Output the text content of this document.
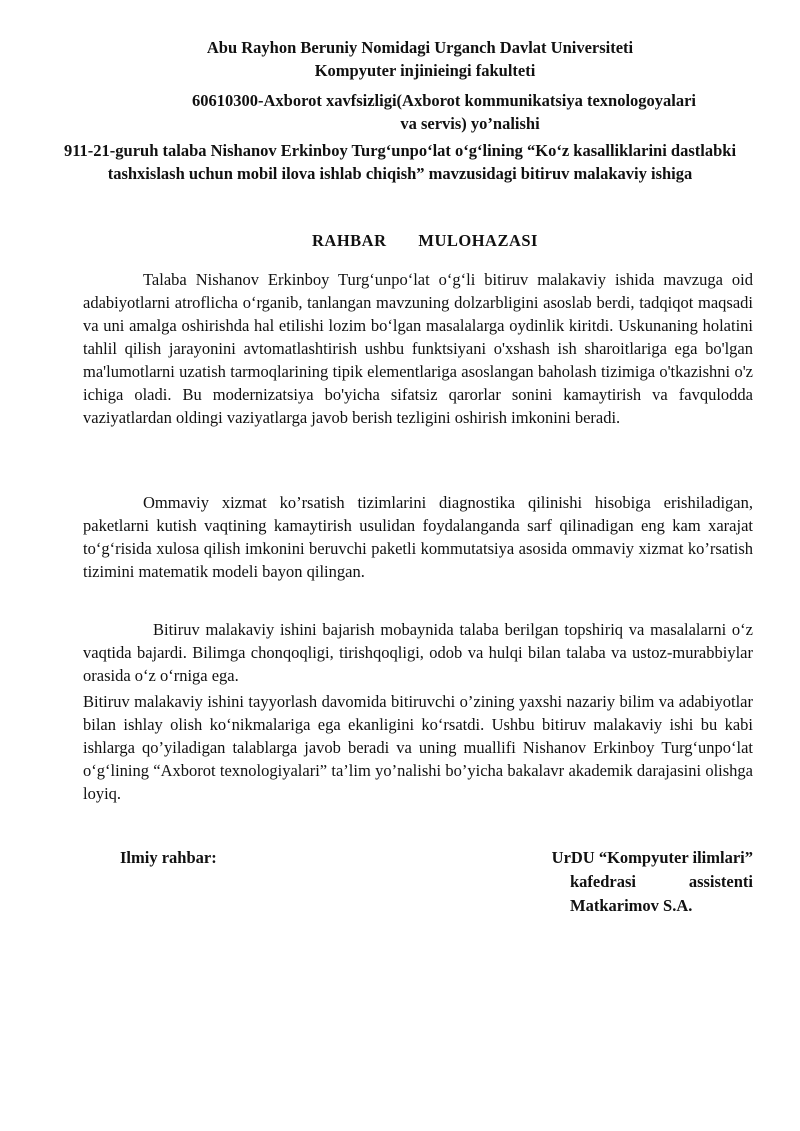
Abu Rayhon Beruniy Nomidagi Urganch Davlat Universiteti

Kompyuter injinieingi fakulteti

60610300-Axborot xavfsizligi(Axborot kommunikatsiya texnologoyalari

va servis) yo’nalishi

911-21-guruh talaba Nishanov Erkinboy Turg‘unpo‘lat o‘g‘lining “Ko‘z kasalliklarini dastlabki tashxislash uchun mobil ilova ishlab chiqish” mavzusidagi bitiruv malakaviy ishiga

RAHBAR   MULOHAZASI

Talaba Nishanov Erkinboy Turg‘unpo‘lat o‘g‘li bitiruv malakaviy ishida mavzuga oid adabiyotlarni atroflicha o‘rganib, tanlangan mavzuning dolzarbligini asoslab berdi, tadqiqot maqsadi va uni amalga oshirishda hal etilishi lozim bo‘lgan masalalarga oydinlik kiritdi. Uskunaning holatini tahlil qilish jarayonini avtomatlashtirish ushbu funktsiyani o'xshash ish sharoitlariga ega bo'lgan ma'lumotlarni uzatish tarmoqlarining tipik elementlariga asoslangan baholash tizimiga o'tkazishni o'z ichiga oladi. Bu modernizatsiya bo'yicha sifatsiz qarorlar sonini kamaytirish va favqulodda vaziyatlardan oldingi vaziyatlarga javob berish tezligini oshirish imkonini beradi.

Ommaviy xizmat ko’rsatish tizimlarini diagnostika qilinishi hisobiga erishiladigan, paketlarni kutish vaqtining kamaytirish usulidan foydalanganda sarf qilinadigan eng kam xarajat to‘g‘risida xulosa qilish imkonini beruvchi paketli kommutatsiya asosida ommaviy xizmat ko’rsatish tizimini matematik modeli bayon qilingan.

Bitiruv malakaviy ishini bajarish mobaynida talaba berilgan topshiriq va masalalarni o‘z vaqtida bajardi. Bilimga chonqoqligi, tirishqoqligi, odob va hulqi bilan talaba va ustoz-murabbiylar orasida o‘z o‘rniga ega.

Bitiruv malakaviy ishini tayyorlash davomida bitiruvchi o’zining yaxshi nazariy bilim va adabiyotlar bilan ishlay olish ko‘nikmalariga ega ekanligini ko‘rsatdi. Ushbu bitiruv malakaviy ishi bu kabi ishlarga qo’yiladigan talablarga javob beradi va uning muallifi Nishanov Erkinboy Turg‘unpo‘lat o‘g‘lining “Axborot texnologiyalari” ta’lim yo’nalishi bo’yicha bakalavr akademik darajasini olishga loyiq.

Ilmiy rahbar:	UrDU “Kompyuter ilimlari”
kafedrasi assistenti
Matkarimov S.A.
